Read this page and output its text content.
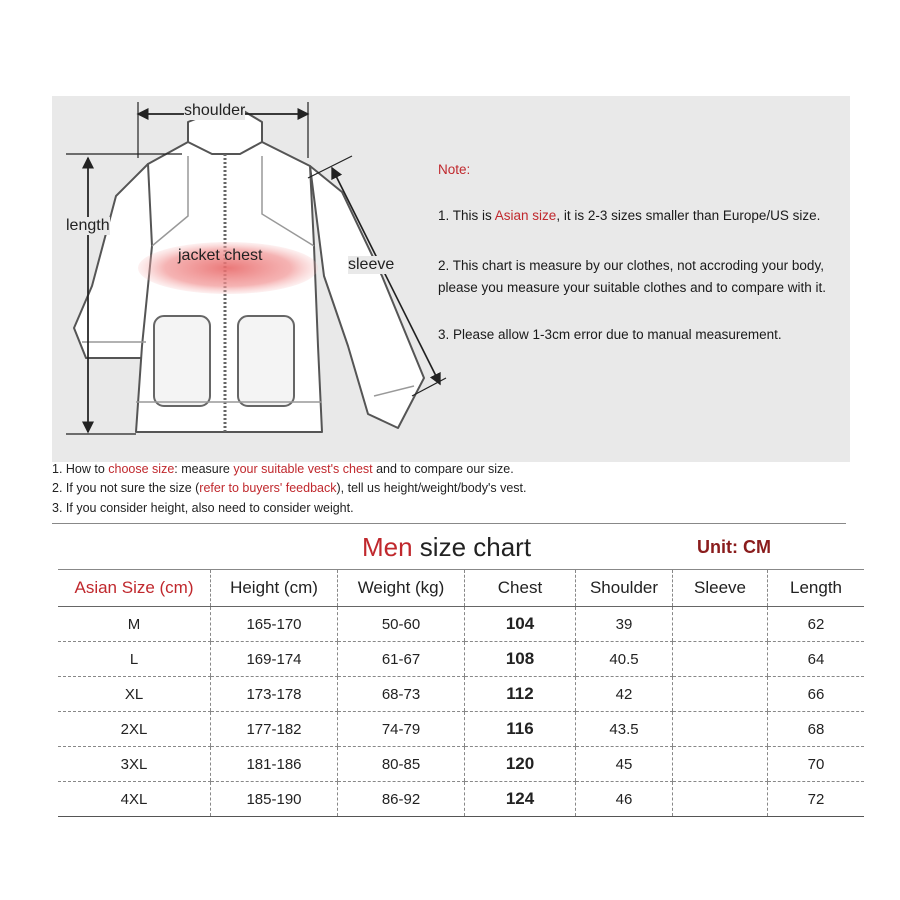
shoulder
length
jacket chest
sleeve
Note:
1. This is Asian size, it is 2-3 sizes smaller than Europe/US size.
2. This chart is measure by our clothes, not accroding your body,
please you measure your suitable clothes and to compare with it.
3. Please allow 1-3cm error due to manual measurement.
1. How to choose size: measure your suitable vest's chest and to compare our size.
2. If you not sure the size (refer to buyers' feedback), tell us height/weight/body's vest.
3. If you consider height, also need to consider weight.
Men size chart	Unit: CM
Asian Size (cm)	Height (cm)	Weight (kg)	Chest	Shoulder	Sleeve	Length
M	165-170	50-60	104	39		62
L	169-174	61-67	108	40.5		64
XL	173-178	68-73	112	42		66
2XL	177-182	74-79	116	43.5		68
3XL	181-186	80-85	120	45		70
4XL	185-190	86-92	124	46		72
